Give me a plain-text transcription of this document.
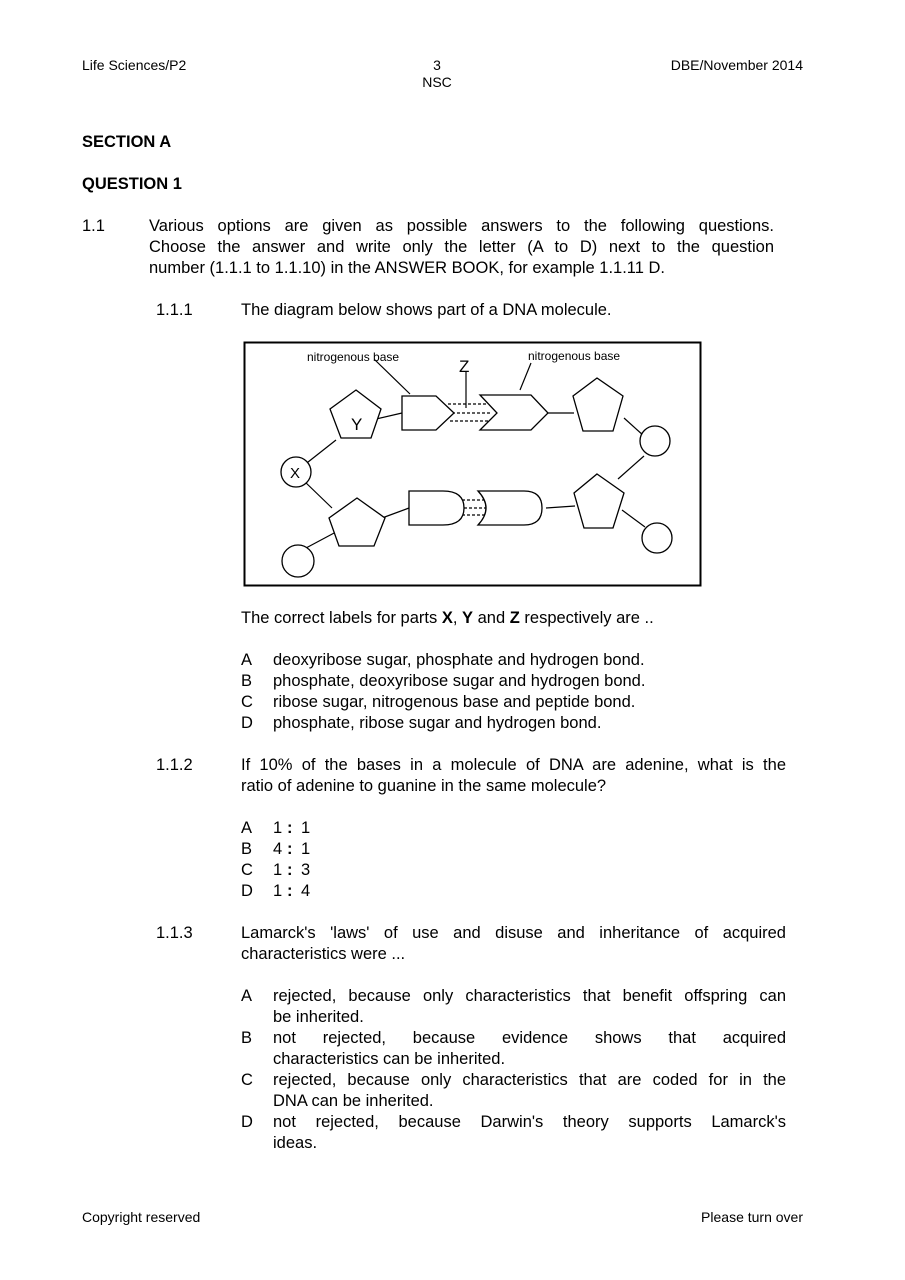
Life Sciences/P2	3
NSC
DBE/November 2014
SECTION A
QUESTION 1
1.1	Various options are given as possible answers to the following questions.
Choose the answer and write only the letter (A to D) next to the question
number (1.1.1 to 1.1.10) in the ANSWER BOOK, for example 1.1.11 D.
1.1.1	The diagram below shows part of a DNA molecule.
nitrogenous base	nitrogenous base
Z
Y
X
The correct labels for parts X, Y and Z respectively are ..
A deoxyribose sugar, phosphate and hydrogen bond.
B phosphate, deoxyribose sugar and hydrogen bond.
C ribose sugar, nitrogenous base and peptide bond.
D phosphate, ribose sugar and hydrogen bond.
1.1.2	If 10% of the bases in a molecule of DNA are adenine, what is the
ratio of adenine to guanine in the same molecule?
A 1 : 1
B 4 : 1
C 1 : 3
D 1 : 4
1.1.3	Lamarck's 'laws' of use and disuse and inheritance of acquired
characteristics were ...
A rejected, because only characteristics that benefit offspring can
be inherited.
B not rejected, because evidence shows that acquired
characteristics can be inherited.
C rejected, because only characteristics that are coded for in the
DNA can be inherited.
D not rejected, because Darwin's theory supports Lamarck's
ideas.
Copyright reserved	Please turn over
